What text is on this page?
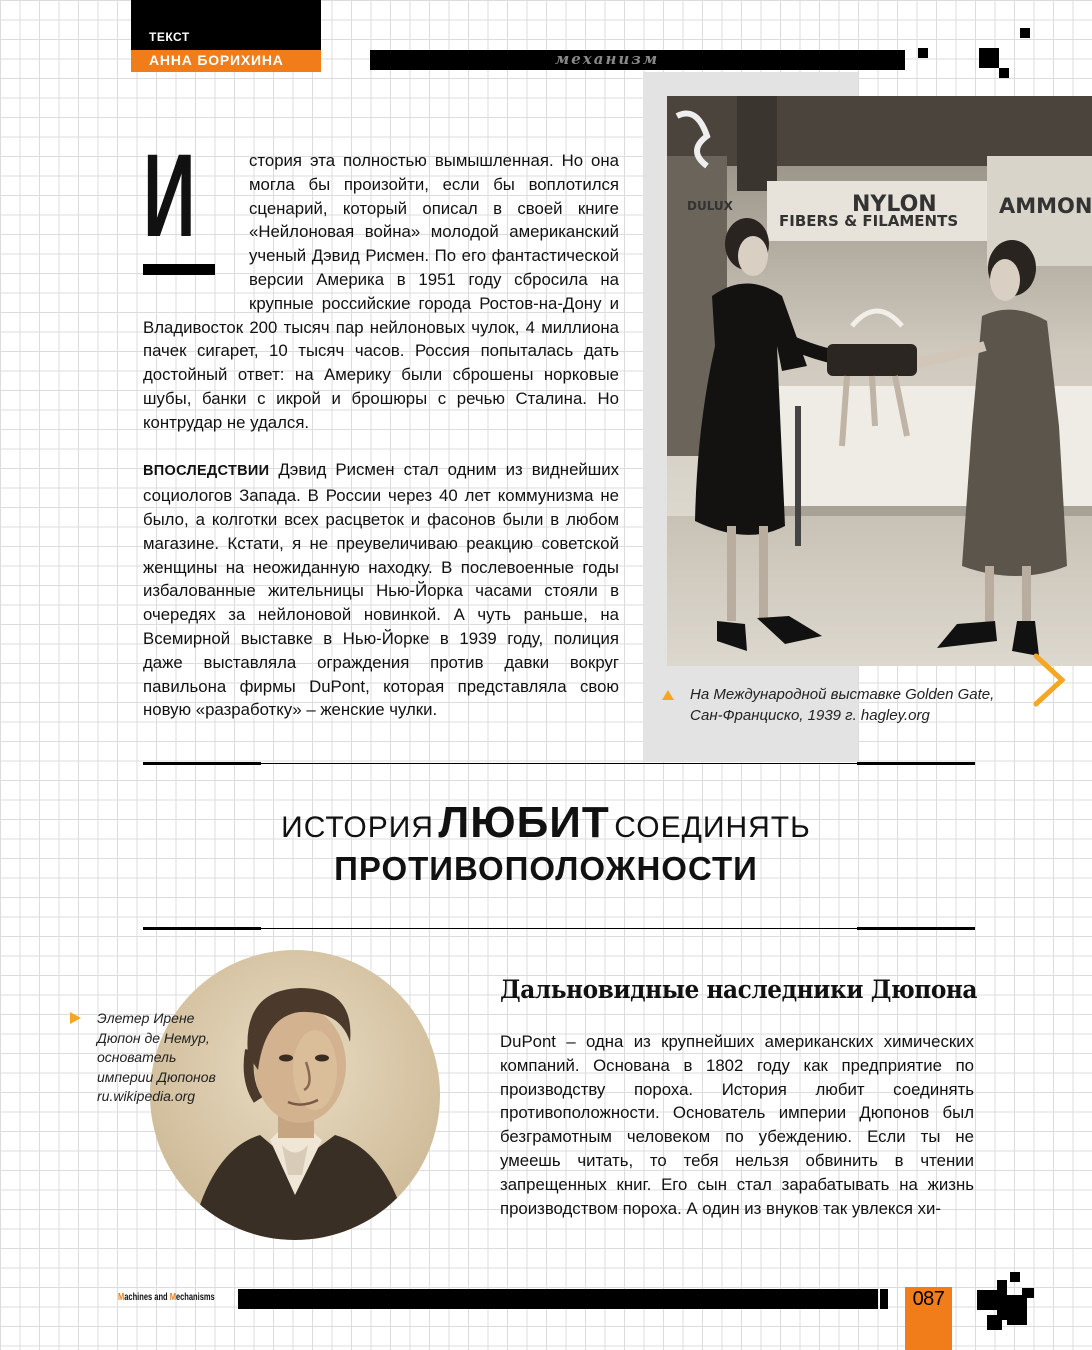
ТЕКСТ
АННА БОРИХИНА	механизм
DULUX	NYLON
FIBERS & FILAMENTS
AMMON
На Международной выставке Golden Gate,
Сан-Франциско, 1939 г. hagley.org
И	стория эта полностью вымышленная. Но она могла бы произойти, если бы воплотился сценарий, который описал в своей книге «Нейлоновая война» молодой американский ученый Дэвид Рисмен. По его фантастической версии Америка в 1951 году сбросила на крупные российские города Ростов-на-Дону и Владивосток 200 тысяч пар нейлоновых чулок, 4 миллиона пачек сигарет, 10 тысяч часов. Россия попыталась дать достойный ответ: на Америку были сброшены норковые шубы, банки с икрой и брошюры с речью Сталина. Но контрудар не удался.

ВПОСЛЕДСТВИИ Дэвид Рисмен стал одним из виднейших социологов Запада. В России через 40 лет коммунизма не было, а колготки всех расцветок и фасонов были в любом магазине. Кстати, я не преувеличиваю реакцию советской женщины на неожиданную находку. В послевоенные годы избалованные жительницы Нью-Йорка часами стояли в очередях за нейлоновой новинкой. А чуть раньше, на Всемирной выставке в Нью-Йорке в 1939 году, полиция даже выставляла ограждения против давки вокруг павильона фирмы DuPont, которая представляла свою новую «разработку» – женские чулки.

ИСТОРИЯ ЛЮБИТ СОЕДИНЯТЬ
ПРОТИВОПОЛОЖНОСТИ
Элетер Ирене
Дюпон де Немур,
основатель
империи Дюпонов
ru.wikipedia.org
Дальновидные наследники Дюпона
DuPont – одна из крупнейших американских химических компаний. Основана в 1802 году как предприятие по производству пороха. История любит соединять противоположности. Основатель империи Дюпонов был безграмотным человеком по убеждению. Если ты не умеешь читать, то тебя нельзя обвинить в чтении запрещенных книг. Его сын стал зарабатывать на жизнь производством пороха. А один из внуков так увлекся хи-
Machines and Mechanisms	087
